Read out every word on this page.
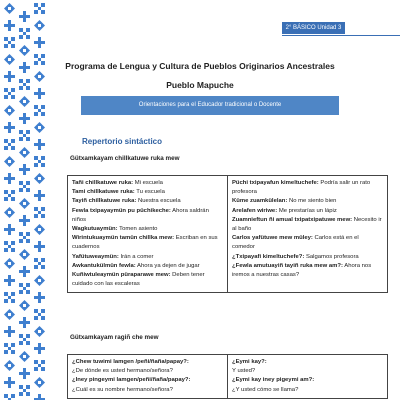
2° BÁSICO Unidad 3
Programa de Lengua y Cultura de Pueblos Originarios Ancestrales
Pueblo Mapuche
Orientaciones para el Educador tradicional o Docente
Repertorio sintáctico
Gütxamkayam chillkatuwe ruka mew
Tañi chillkatuwe ruka: Mi escuela
Tami chillkatuwe ruka: Tu escuela
Tayiñ chillkatuwe ruka: Nuestra escuela
Fewla txipayaymün pu püchikeche: Ahora saldrán niños
Wagkutuaymün: Tomen asiento
Wirintukuaymün tamün chillka mew: Escriban en sus cuadernos
Yafütuweaymün: Irán a comer
Awkantukülmün fewla: Ahora ya dejen de jugar
Kuñiwtuleaymün püraparawe mew: Deben tener cuidado con las escaleras

Püchi txipayafun kimeltuchefe: Podría salir un rato profesora
Küme zuamkülelan: No me siento bien
Arelafen wiriwe: Me prestarías un lápiz
Zuamnieftun ñi amual txipatxipatuwe mew: Necesito ir al baño
Carlos yafütuwe mew müley: Carlos está en el comedor
¿Txipayafi kimeltuchefe?: Salgamos profesora
¿Fewla amutuayiñ tayiñ ruka mew am?: Ahora nos iremos a nuestras casas?
Gütxamkayam ragiñ che mew
¿Chew tuwimi lamgen /peñi/ñaña/papay?:
¿De dónde es usted hermano/señora?
¿Iney pingeymi lamgen/peñi/ñaña/papay?:
¿Cuál es su nombre hermano/señora?

¿Eymi kay?:
Y usted?
¿Eymi kay iney pigeymi am?:
¿Y usted cómo se llama?
